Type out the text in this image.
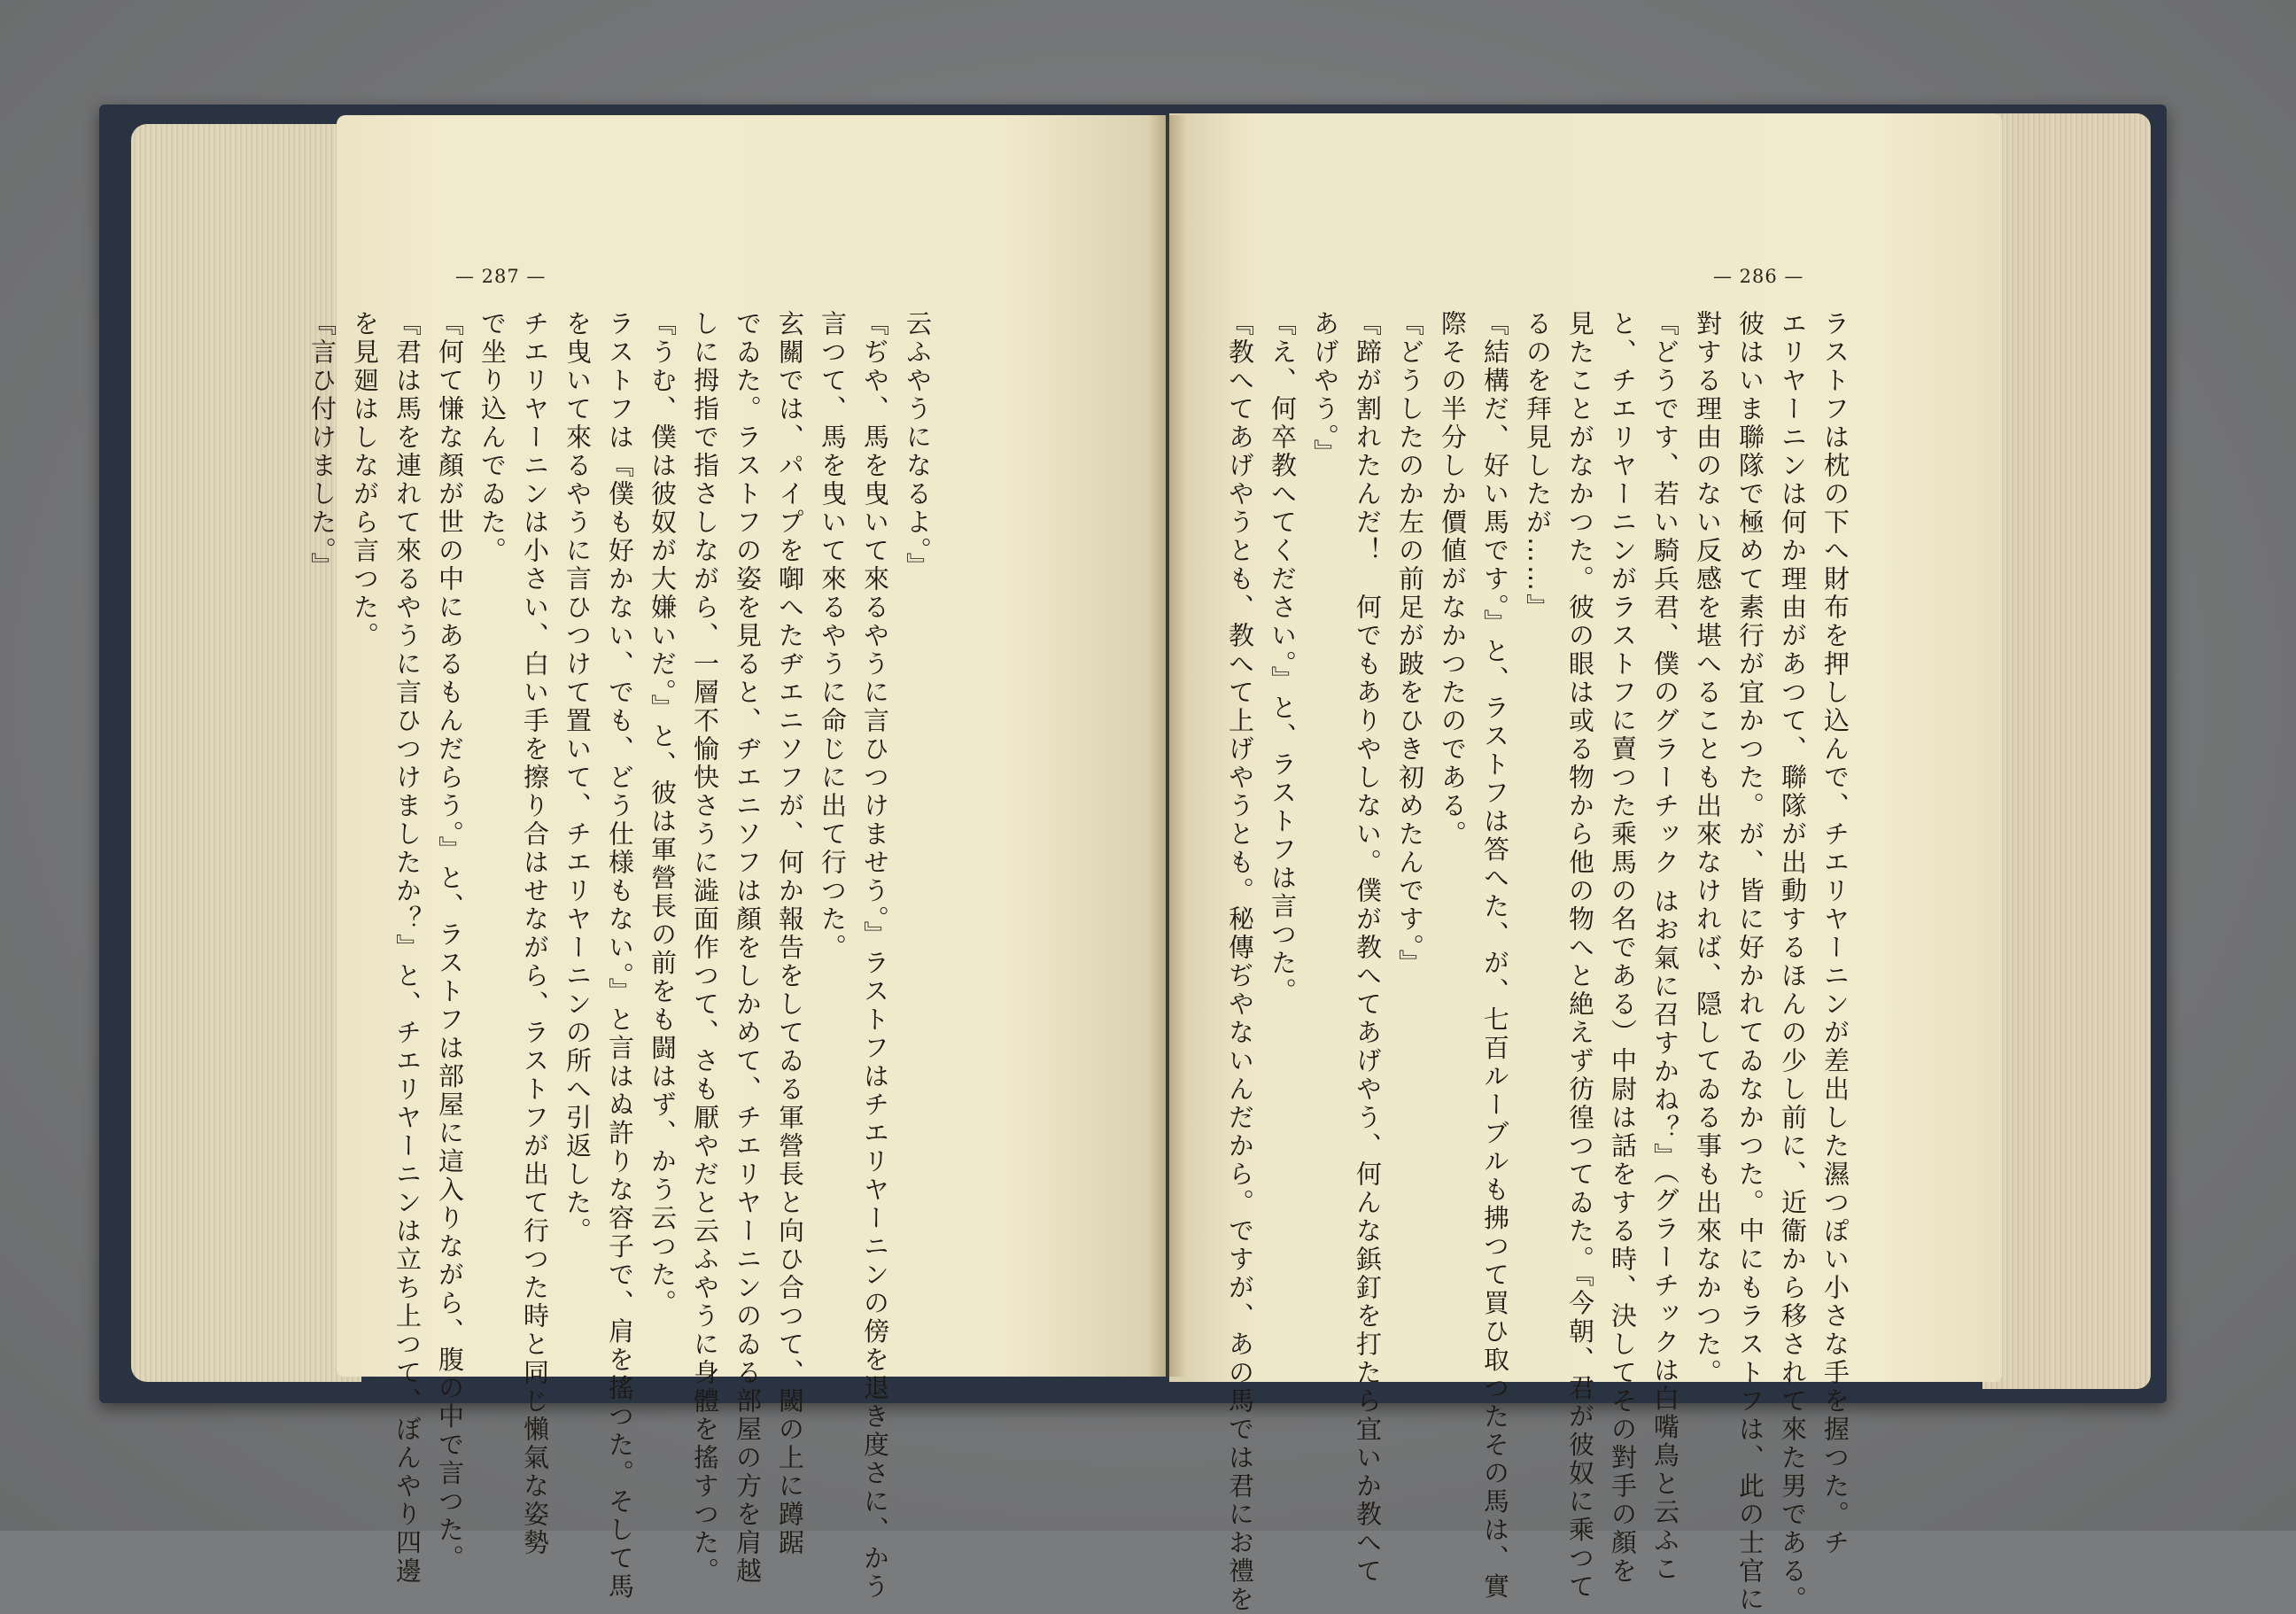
— 287 —	— 286 —
云ふやうになるよ。』
『ぢや、馬を曳いて來るやうに言ひつけませう。』ラストフはチエリヤーニンの傍を退き度さに、かう
言つて、馬を曳いて來るやうに命じに出て行つた。
玄關では、パイプを啣へたヂエニソフが、何か報告をしてゐる軍營長と向ひ合つて、閾の上に蹲踞
でゐた。ラストフの姿を見ると、ヂエニソフは顏をしかめて、チエリヤーニンのゐる部屋の方を肩越
しに拇指で指さしながら、一層不愉快さうに澁面作つて、さも厭やだと云ふやうに身體を搖すつた。
『うむ、僕は彼奴が大嫌いだ。』と、彼は軍營長の前をも闘はず、かう云つた。
ラストフは『僕も好かない、でも、どう仕様もない。』と言はぬ許りな容子で、肩を搖つた。そして馬
を曳いて來るやうに言ひつけて置いて、チエリヤーニンの所へ引返した。
チエリヤーニンは小さい、白い手を擦り合はせながら、ラストフが出て行つた時と同じ懶氣な姿勢
で坐り込んでゐた。
『何て慊な顏が世の中にあるもんだらう。』と、ラストフは部屋に這入りながら、腹の中で言つた。
『君は馬を連れて來るやうに言ひつけましたか？』と、チエリヤーニンは立ち上つて、ぼんやり四邊
を見廻はしながら言つた。
『言ひ付けました。』	ラストフは枕の下へ財布を押し込んで、チエリヤーニンが差出した濕つぽい小さな手を握つた。チ
エリヤーニンは何か理由があつて、聯隊が出動するほんの少し前に、近衞から移されて來た男である。
彼はいま聯隊で極めて素行が宜かつた。が、皆に好かれてゐなかつた。中にもラストフは、此の士官に
對する理由のない反感を堪へることも出來なければ、隠してゐる事も出來なかつた。
『どうです、若い騎兵君、僕のグラーチック はお氣に召すかね？』（グラーチックは白嘴鳥と云ふこ
と、チエリヤーニンがラストフに賣つた乘馬の名である）中尉は話をする時、決してその對手の顏を
見たことがなかつた。彼の眼は或る物から他の物へと絶えず彷徨つてゐた。『今朝、君が彼奴に乘つて
るのを拜見したが……』
『結構だ、好い馬です。』と、ラストフは答へた、が、七百ルーブルも拂つて買ひ取つたその馬は、實
際その半分しか價値がなかつたのである。
『どうしたのか左の前足が跛をひき初めたんです。』
『蹄が割れたんだ！　何でもありやしない。僕が教へてあげやう、何んな鋲釘を打たら宜いか教へて
あげやう。』
『え、何卒教へてください。』と、ラストフは言つた。
『教へてあげやうとも、教へて上げやうとも。秘傳ぢやないんだから。ですが、あの馬では君にお禮を
